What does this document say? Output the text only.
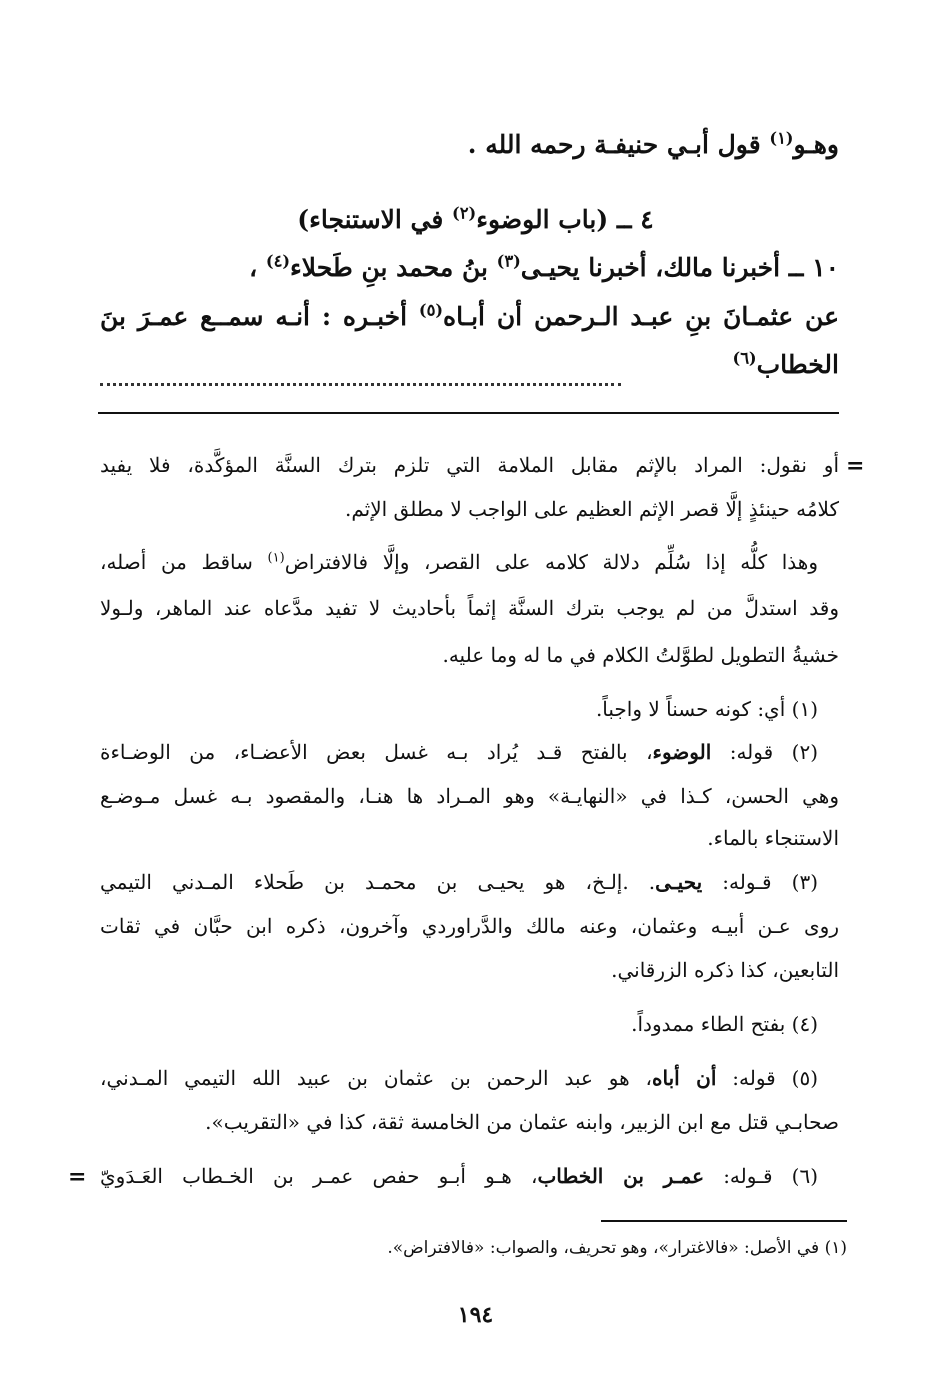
وهـو$^{(١)}$ قول أبـي حنيفـة رحمه الله .
٤ ــ (باب الوضوء$^{(٢)}$ في الاستنجاء)
١٠ ــ أخبرنا مالك، أخبرنا يحيـى$^{(٣)}$ بنُ محمد بنِ طَحلاء$^{(٤)}$ ،
عن عثمـانَ بنِ عبـد الـرحمن أن أبـاه$^{(٥)}$ أخبـره : أنـه سمــع عمـرَ بنَ
الخطاب$^{(٦)}$
=
أو نقول: المراد بالإثم مقابل الملامة التي تلزم بترك السنَّة المؤكَّدة، فلا يفيد
كلامُه حينئذٍ إلَّا قصر الإثم العظيم على الواجب لا مطلق الإثم.
وهذا كلُّه إذا سُلِّم دلالة كلامه على القصر، وإلَّا فالافتراض$^{(١)}$ ساقط من أصله،
وقد استدلَّ من لم يوجب بترك السنَّة إثماً بأحاديث لا تفيد مدَّعاه عند الماهر، ولـولا
خشيةُ التطويل لطوَّلتُ الكلام في ما له وما عليه.
(١) أي: كونه حسناً لا واجباً.
(٢) قوله: الوضوء، بالفتح قـد يُراد بـه غسل بعض الأعضـاء، من الوضـاءة
وهي الحسن، كـذا في «النهايـة» وهو المـراد ها هنـا، والمقصود بـه غسل مـوضـع
الاستنجاء بالماء.
(٣) قـوله: يحيـى. .إلـخ، هو يحيـى بن محمـد بن طَحلاء المـدني التيمي
روى عـن أبيـه وعثمان، وعنه مالك والدَّراوردي وآخرون، ذكره ابن حبَّان في ثقات
التابعين، كذا ذكره الزرقاني.
(٤) بفتح الطاء ممدوداً.
(٥) قوله: أن أباه، هو عبد الرحمن بن عثمان بن عبيد الله التيمي المـدني،
صحابـي قتل مع ابن الزبير، وابنه عثمان من الخامسة ثقة، كذا في «التقريب».
(٦) قـوله: عمـر بن الخطاب، هـو أبـو حفص عمـر بن الخـطاب العَـدَويّ
=
(١) في الأصل: «فالاغترار»، وهو تحريف، والصواب: «فالافتراض».
١٩٤
